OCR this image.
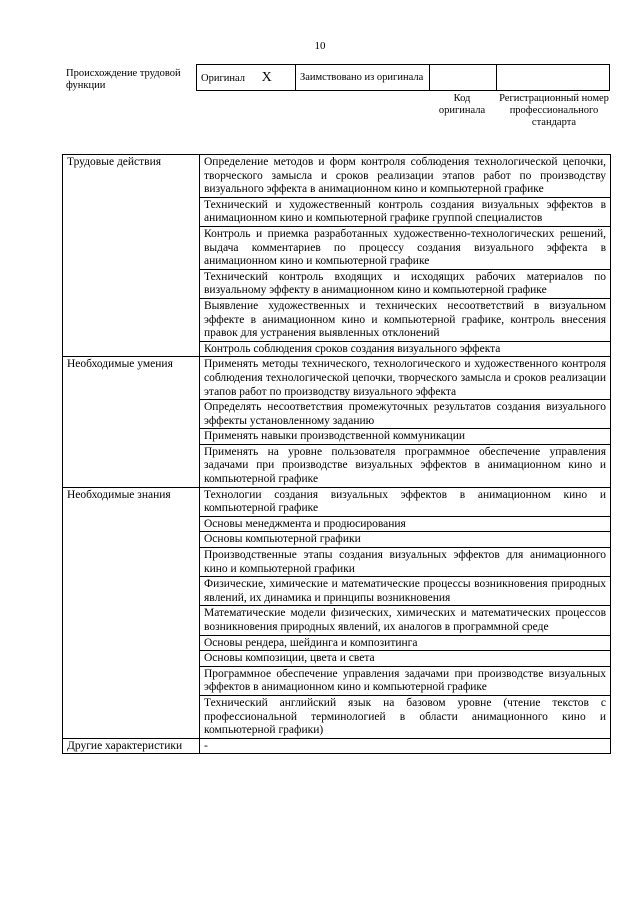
10
Происхождение трудовой функции
Оригинал X	Заимствовано из оригинала		
Код оригинала
Регистрационный номер профессионального стандарта
Трудовые действия	Определение методов и форм контроля соблюдения технологической цепочки, творческого замысла и сроков реализации этапов работ по производству визуального эффекта в анимационном кино и компьютерной графике
	Технический и художественный контроль создания визуальных эффектов в анимационном кино и компьютерной графике группой специалистов
	Контроль и приемка разработанных художественно-технологических решений, выдача комментариев по процессу создания визуального эффекта в анимационном кино и компьютерной графике
	Технический контроль входящих и исходящих рабочих материалов по визуальному эффекту в анимационном кино и компьютерной графике
	Выявление художественных и технических несоответствий в визуальном эффекте в анимационном кино и компьютерной графике, контроль внесения правок для устранения выявленных отклонений
	Контроль соблюдения сроков создания визуального эффекта
Необходимые умения	Применять методы технического, технологического и художественного контроля соблюдения технологической цепочки, творческого замысла и сроков реализации этапов работ по производству визуального эффекта
	Определять несоответствия промежуточных результатов создания визуального эффекты установленному заданию
	Применять навыки производственной коммуникации
	Применять на уровне пользователя программное обеспечение управления задачами при производстве визуальных эффектов в анимационном кино и компьютерной графике
Необходимые знания	Технологии создания визуальных эффектов в анимационном кино и компьютерной графике
	Основы менеджмента и продюсирования
	Основы компьютерной графики
	Производственные этапы создания визуальных эффектов для анимационного кино и компьютерной графики
	Физические, химические и математические процессы возникновения природных явлений, их динамика и принципы возникновения
	Математические модели физических, химических и математических процессов возникновения природных явлений, их аналогов в программной среде
	Основы рендера, шейдинга и композитинга
	Основы композиции, цвета и света
	Программное обеспечение управления задачами при производстве визуальных эффектов в анимационном кино и компьютерной графике
	Технический английский язык на базовом уровне (чтение текстов с профессиональной терминологией в области анимационного кино и компьютерной графики)
Другие характеристики	-
